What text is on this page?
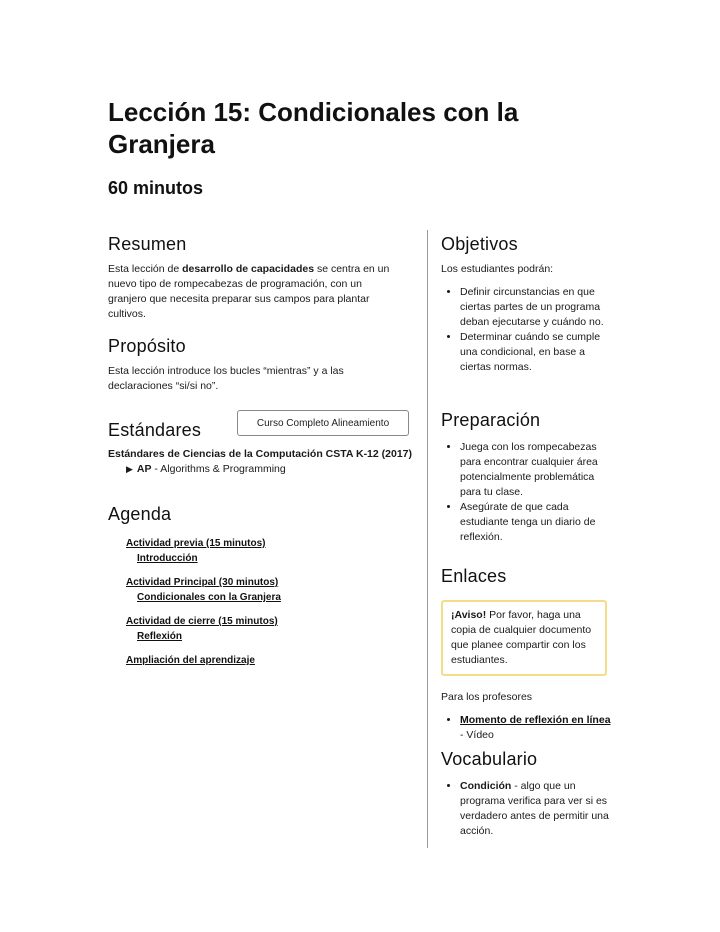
Lección 15: Condicionales con la Granjera
60 minutos
Resumen

Esta lección de desarrollo de capacidades se centra en un nuevo tipo de rompecabezas de programación, con un granjero que necesita preparar sus campos para plantar cultivos.

Propósito

Esta lección introduce los bucles “mientras” y a las declaraciones “si/si no”.

Curso Completo Alineamiento
Estándares
Estándares de Ciencias de la Computación CSTA K-12 (2017)
▶ AP - Algorithms & Programming
Agenda
Actividad previa (15 minutos)
Introducción
Actividad Principal (30 minutos)
Condicionales con la Granjera
Actividad de cierre (15 minutos)
Reflexión
Ampliación del aprendizaje
Objetivos

Los estudiantes podrán:

• Definir circunstancias en que ciertas partes de un programa deban ejecutarse y cuándo no.
• Determinar cuándo se cumple una condicional, en base a ciertas normas.
Preparación
• Juega con los rompecabezas para encontrar cualquier área potencialmente problemática para tu clase.
• Asegúrate de que cada estudiante tenga un diario de reflexión.
Enlaces
¡Aviso! Por favor, haga una copia de cualquier documento que planee compartir con los estudiantes.

Para los profesores

• Momento de reflexión en línea - Vídeo
Vocabulario
• Condición - algo que un programa verifica para ver si es verdadero antes de permitir una acción.
